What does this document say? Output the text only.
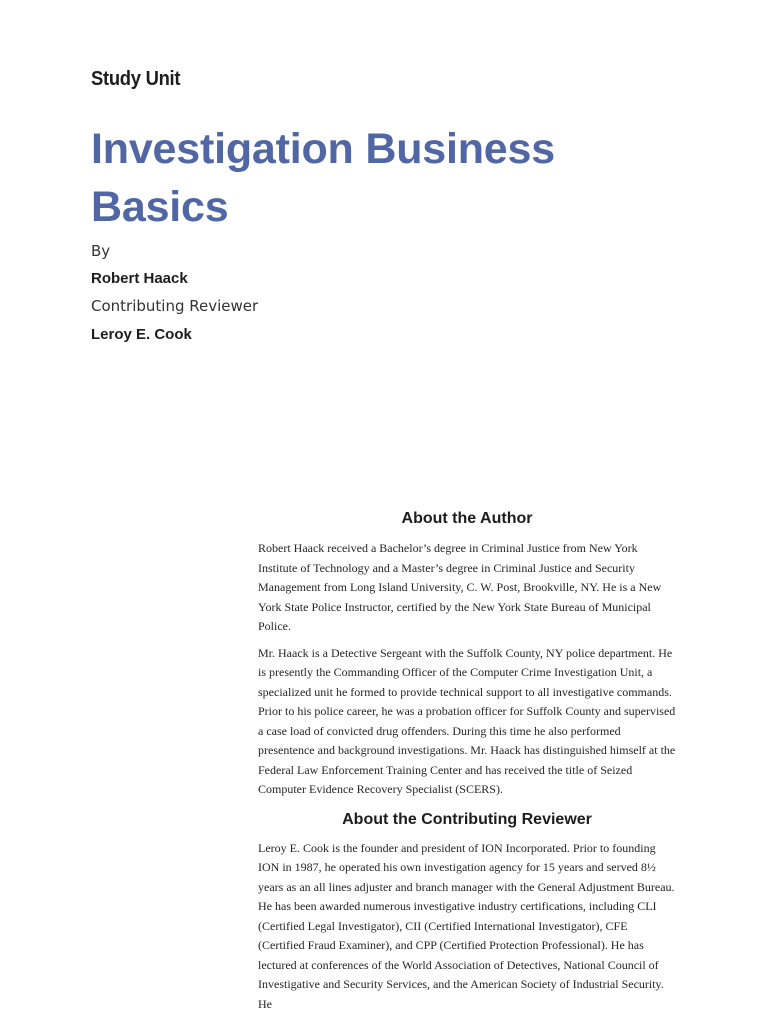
Study Unit
Investigation Business Basics
By
Robert Haack
Contributing Reviewer
Leroy E. Cook
About the Author

Robert Haack received a Bachelor’s degree in Criminal Justice from New York Institute of Technology and a Master’s degree in Criminal Justice and Security Management from Long Island University, C. W. Post, Brookville, NY. He is a New York State Police Instructor, certified by the New York State Bureau of Municipal Police.

Mr. Haack is a Detective Sergeant with the Suffolk County, NY police department. He is presently the Commanding Officer of the Computer Crime Investigation Unit, a specialized unit he formed to provide technical support to all investigative commands. Prior to his police career, he was a probation officer for Suffolk County and supervised a case load of convicted drug offenders. During this time he also performed presentence and background investigations. Mr. Haack has distinguished himself at the Federal Law Enforcement Training Center and has received the title of Seized Computer Evidence Recovery Specialist (SCERS).

About the Contributing Reviewer

Leroy E. Cook is the founder and president of ION Incorporated. Prior to founding ION in 1987, he operated his own investigation agency for 15 years and served 8½ years as an all lines adjuster and branch manager with the General Adjustment Bureau. He has been awarded numerous investigative industry certifications, including CLI (Certified Legal Investigator), CII (Certified International Investigator), CFE (Certified Fraud Examiner), and CPP (Certified Protection Professional). He has lectured at conferences of the World Association of Detectives, National Council of Investigative and Security Services, and the American Society of Industrial Security. He
